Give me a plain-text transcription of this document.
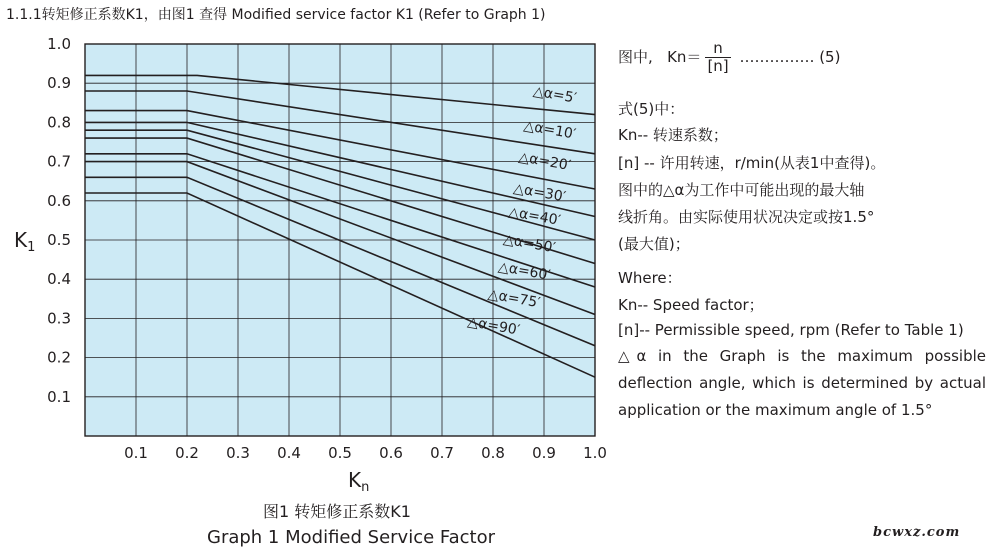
1.1.1转矩修正系数K1，由图1 查得 Modified service factor K1 (Refer to Graph 1)
△α=5′
△α=10′
△α=20′
△α=30′
△α=40′
△α=50′
△α=60′
△α=75′
△α=90′
0.1 0.2 0.3 0.4 0.5 0.6 0.7 0.8 0.9 1.0
0.1
0.2
0.3
0.4
0.5
0.6
0.7
0.8
0.9
1.0
$K_1$
$K_n$
图中, $Kn= \frac{n}{[n]}$ …………… (5)
式(5)中：
Kn-- 转速系数；
[n] -- 许用转速，r/min(从表1中查得)。
图中的△α为工作中可能出现的最大轴
线折角。由实际使用状况决定或按1.5°
(最大值)；
Where：
Kn-- Speed factor；
[n]-- Permissible speed, rpm (Refer to Table 1)
△α in the Graph is the maximum possible
deflection angle, which is determined by actual
application or the maximum angle of 1.5°
图1 转矩修正系数K1
Graph 1 Modified Service Factor	bcwxz.com
